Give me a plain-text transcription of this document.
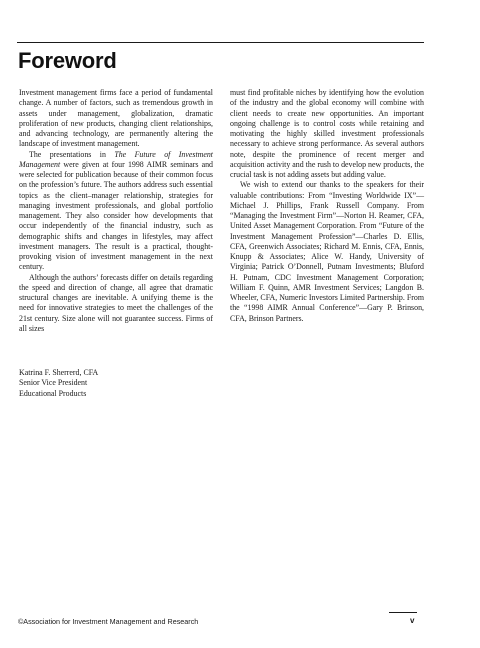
Foreword

Investment management firms face a period of fundamental change. A number of factors, such as tremendous growth in assets under management, globalization, dramatic proliferation of new products, changing client relationships, and advancing technology, are permanently altering the landscape of investment management.

The presentations in The Future of Investment Management were given at four 1998 AIMR seminars and were selected for publication because of their common focus on the profession’s future. The authors address such essential topics as the client–manager relationship, strategies for managing investment professionals, and global portfolio management. They also consider how developments that occur independently of the financial industry, such as demographic shifts and changes in lifestyles, may affect investment managers. The result is a practical, thought-provoking vision of investment management in the next century.

Although the authors’ forecasts differ on details regarding the speed and direction of change, all agree that dramatic structural changes are inevitable. A unifying theme is the need for innovative strategies to meet the challenges of the 21st century. Size alone will not guarantee success. Firms of all sizes

must find profitable niches by identifying how the evolution of the industry and the global economy will combine with client needs to create new opportunities. An important ongoing challenge is to control costs while retaining and motivating the highly skilled investment professionals necessary to achieve strong performance. As several authors note, despite the prominence of recent merger and acquisition activity and the rush to develop new products, the crucial task is not adding assets but adding value.

We wish to extend our thanks to the speakers for their valuable contributions: From “Investing Worldwide IX”—Michael J. Phillips, Frank Russell Company. From “Managing the Investment Firm”—Norton H. Reamer, CFA, United Asset Management Corporation. From “Future of the Investment Management Profession”—Charles D. Ellis, CFA, Greenwich Associates; Richard M. Ennis, CFA, Ennis, Knupp & Associates; Alice W. Handy, University of Virginia; Patrick O’Donnell, Putnam Investments; Bluford H. Putnam, CDC Investment Management Corporation; William F. Quinn, AMR Investment Services; Langdon B. Wheeler, CFA, Numeric Investors Limited Partnership. From the “1998 AIMR Annual Conference”—Gary P. Brinson, CFA, Brinson Partners.

Katrina F. Sherrerd, CFA
Senior Vice President
Educational Products
©Association for Investment Management and Research	v
